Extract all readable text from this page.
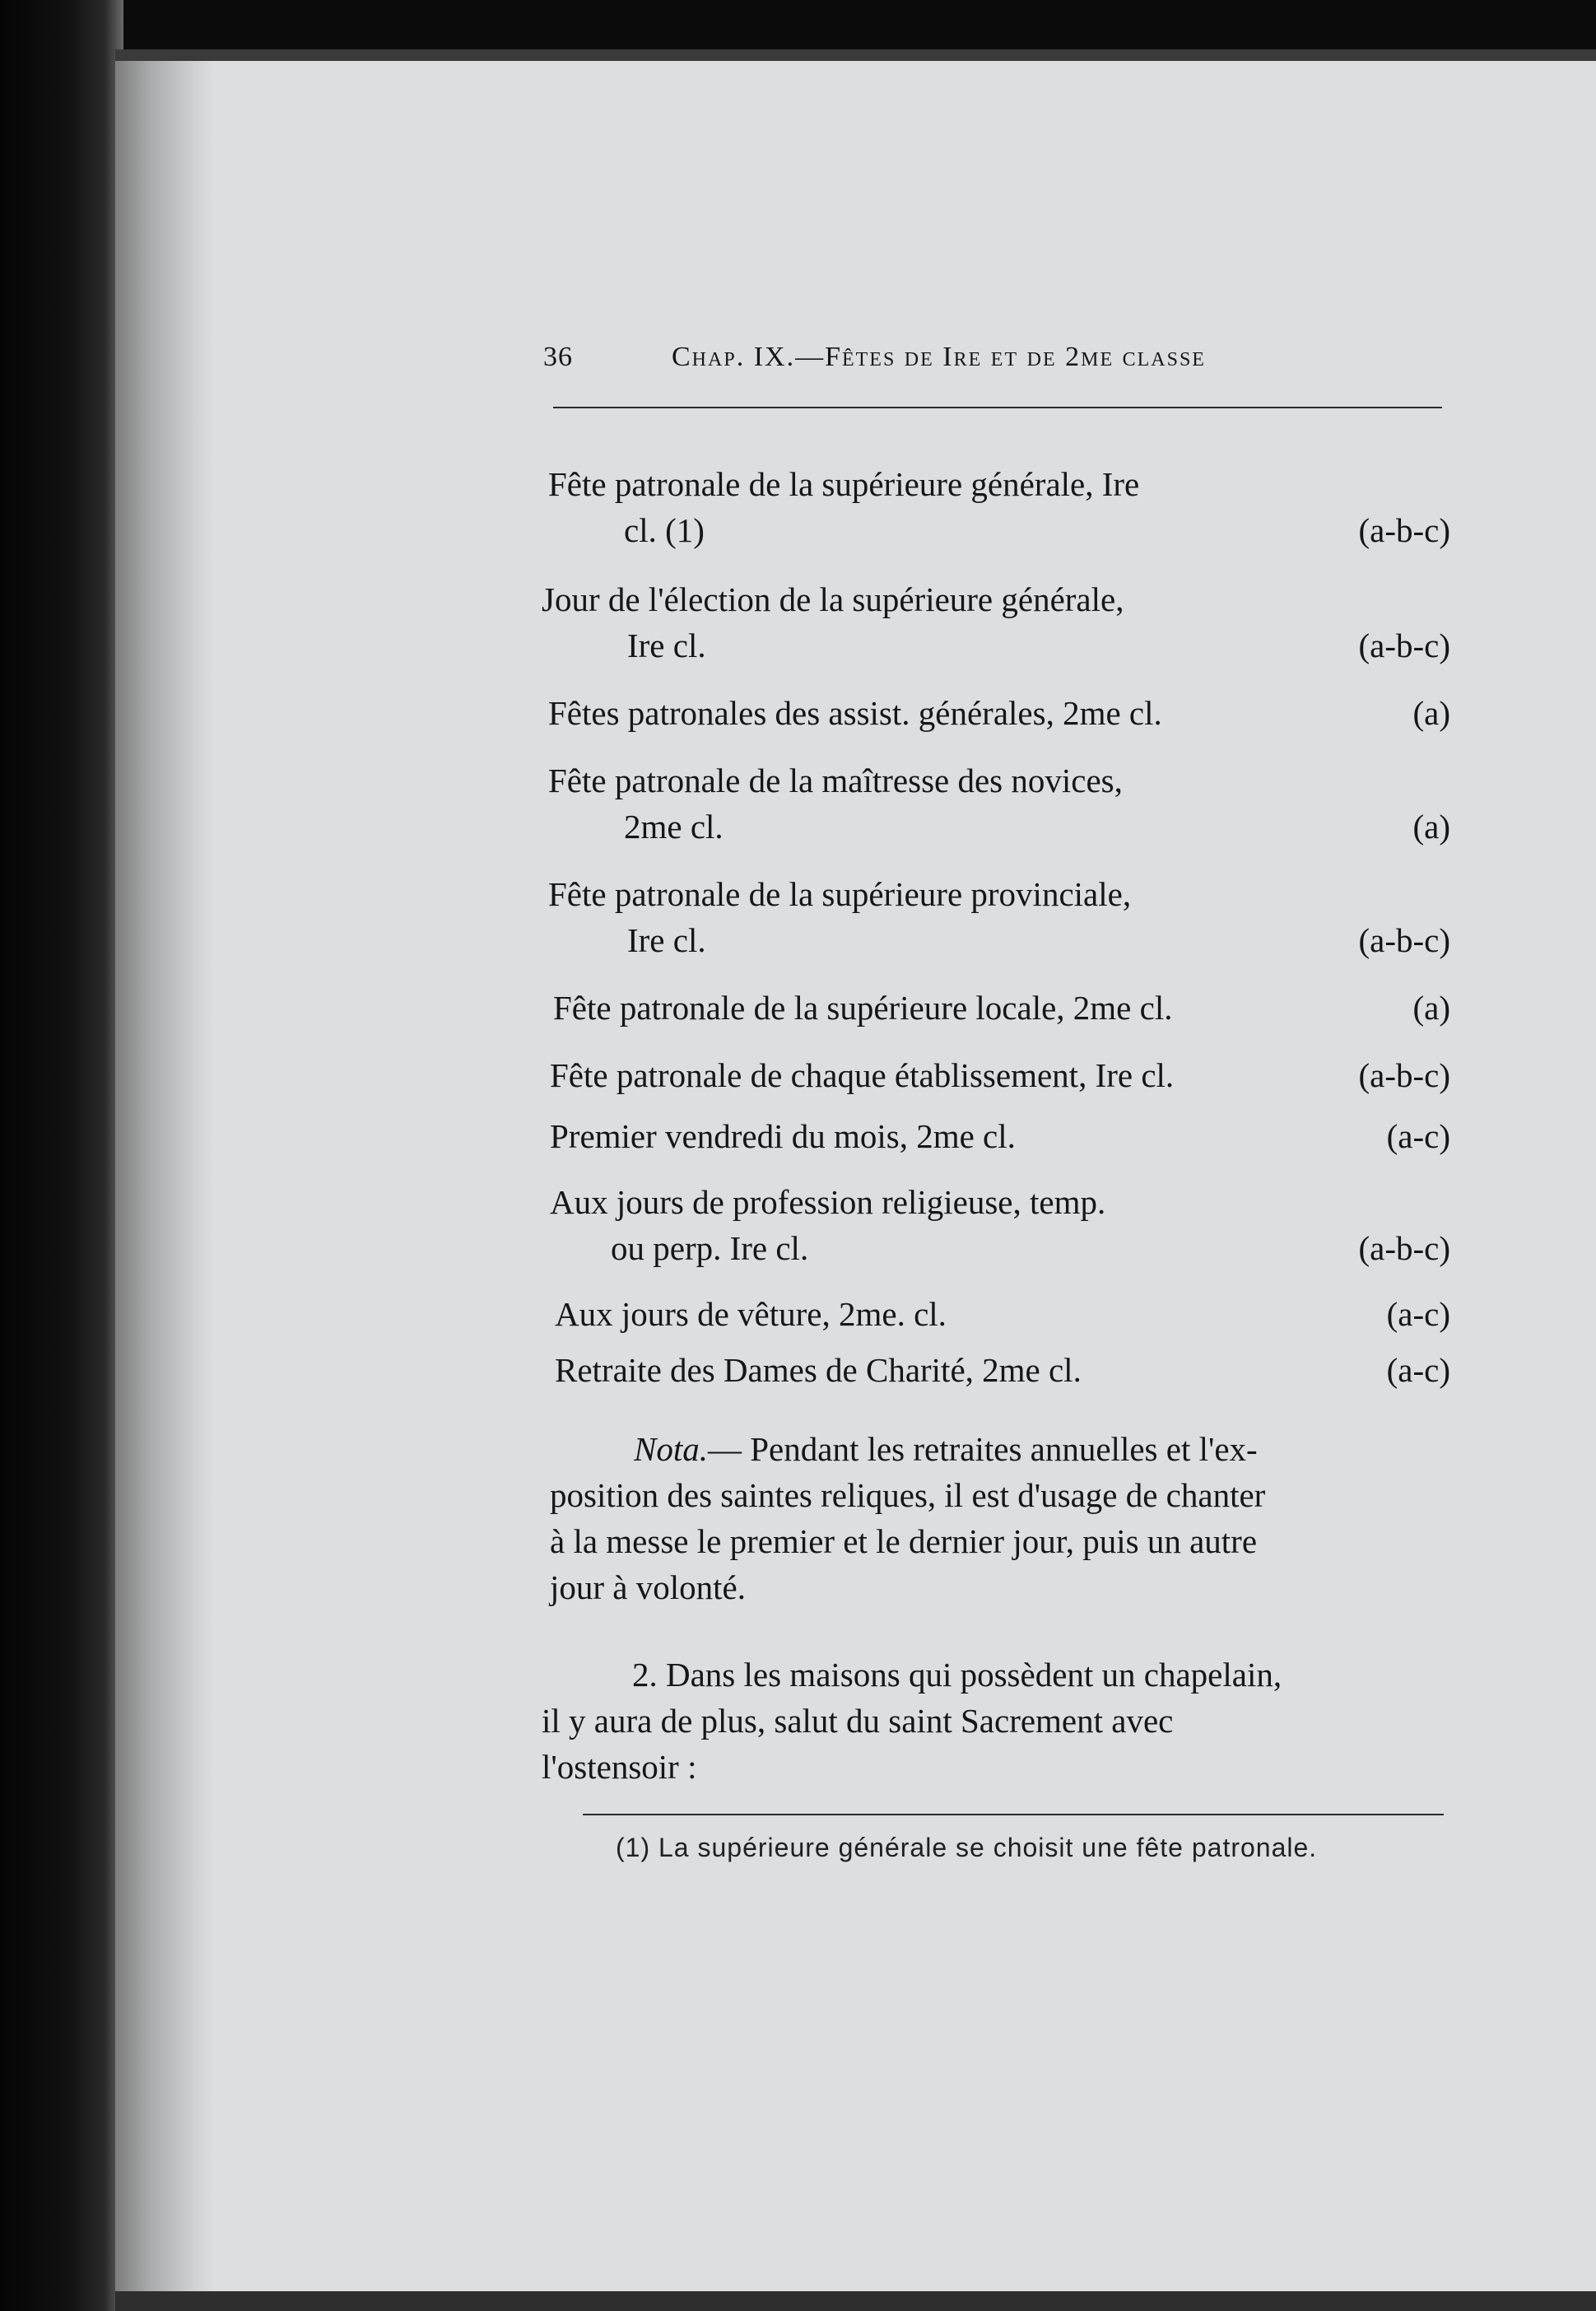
36	Chap. IX.—Fêtes de Ire et de 2me classe
Fête patronale de la supérieure générale, Ire
cl. (1)	(a-b-c)
Jour de l'élection de la supérieure générale,
Ire cl.	(a-b-c)
Fêtes patronales des assist. générales, 2me cl.	(a)
Fête patronale de la maîtresse des novices,
2me cl.	(a)
Fête patronale de la supérieure provinciale,
Ire cl.	(a-b-c)
Fête patronale de la supérieure locale, 2me cl.	(a)
Fête patronale de chaque établissement, Ire cl.	(a-b-c)
Premier vendredi du mois, 2me cl.	(a-c)
Aux jours de profession religieuse, temp.
ou perp. Ire cl.	(a-b-c)
Aux jours de vêture, 2me. cl.	(a-c)
Retraite des Dames de Charité, 2me cl.	(a-c)
Nota.— Pendant les retraites annuelles et l'ex-
position des saintes reliques, il est d'usage de chanter
à la messe le premier et le dernier jour, puis un autre
jour à volonté.
2. Dans les maisons qui possèdent un chapelain,
il y aura de plus, salut du saint Sacrement avec
l'ostensoir :
(1) La supérieure générale se choisit une fête patronale.
